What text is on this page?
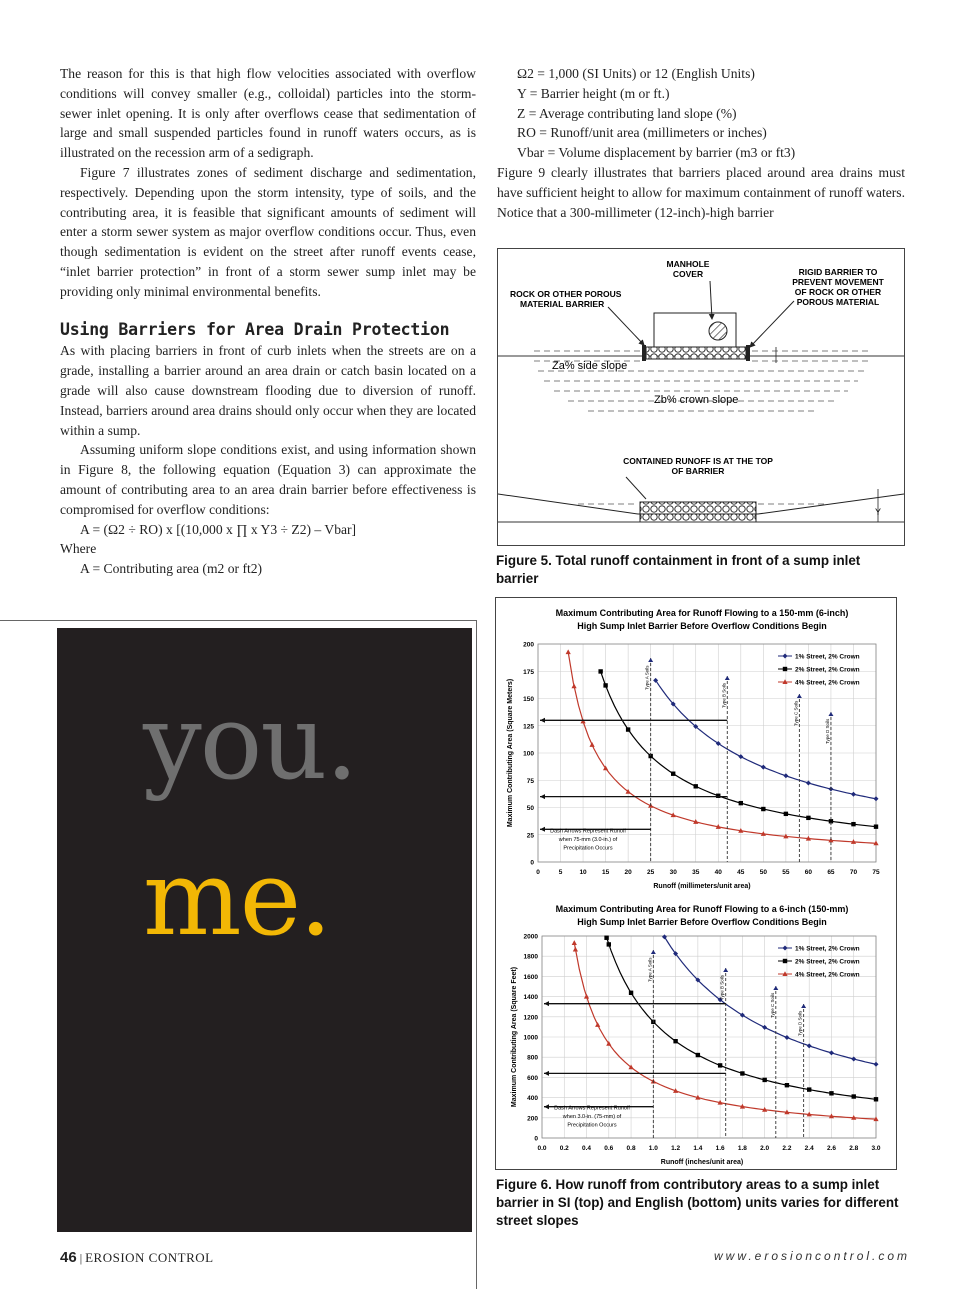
The reason for this is that high flow velocities associated with overflow conditions will convey smaller (e.g., colloidal) particles into the storm-sewer inlet opening. It is only after overflows cease that sedimentation of large and small suspended particles found in runoff waters occurs, as is illustrated on the recession arm of a sedigraph.

Figure 7 illustrates zones of sediment discharge and sedimentation, respectively. Depending upon the storm intensity, type of soils, and the contributing area, it is feasible that significant amounts of sediment will enter a storm sewer system as major overflow conditions occur. Thus, even though sedimentation is evident on the street after runoff events cease, “inlet barrier protection” in front of a storm sewer sump inlet may be providing only minimal environmental benefits.

Using Barriers for Area Drain Protection

As with placing barriers in front of curb inlets when the streets are on a grade, installing a barrier around an area drain or catch basin located on a grade will also cause downstream flooding due to diversion of runoff. Instead, barriers around area drains should only occur when they are located within a sump.

Assuming uniform slope conditions exist, and using information shown in Figure 8, the following equation (Equation 3) can approximate the amount of contributing area to an area drain barrier before effectiveness is compromised for overflow conditions:

A = (Ω2 ÷ RO) x [(10,000 x ∏ x Y3 ÷ Z2) – Vbar]
Where
A = Contributing area (m2 or ft2)
Ω2 = 1,000 (SI Units) or 12 (English Units)
Y = Barrier height (m or ft.)
Z = Average contributing land slope (%)
RO = Runoff/unit area (millimeters or inches)
Vbar = Volume displacement by barrier (m3 or ft3)

Figure 9 clearly illustrates that barriers placed around area drains must have sufficient height to allow for maximum containment of runoff waters. Notice that a 300-millimeter (12-inch)-high barrier

MANHOLE
COVER
ROCK OR OTHER POROUS
MATERIAL BARRIER
RIGID BARRIER TO
PREVENT MOVEMENT
OF ROCK OR OTHER
POROUS MATERIAL
Za% side slope
Zb% crown slope
CONTAINED RUNOFF IS AT THE TOP
OF BARRIER
Y
Figure 5. Total runoff containment in front of a sump inlet barrier
Maximum Contributing Area for Runoff Flowing to a 150-mm (6-inch)
High Sump Inlet Barrier Before Overflow Conditions Begin
0	5	10 15 20 25 30 35 40 45 50 55 60 65 70 75
0
25
50
75
100
125
150
175
200
Runoff (millimeters/unit area)
Maximum Contributing Area (Square Meters)
Type A Soils
Type B Soils
Type C Soils
Type D Soils
Dash Arrows Represent Runoff
when 75-mm (3.0-in.) of
Precipitation Occurs
1% Street, 2% Crown
2% Street, 2% Crown
4% Street, 2% Crown
Maximum Contributing Area for Runoff Flowing to a 6-inch (150-mm)
High Sump Inlet Barrier Before Overflow Conditions Begin
0.0 0.2 0.4 0.6 0.8 1.0 1.2 1.4 1.6 1.8 2.0 2.2 2.4 2.6 2.8 3.0
0
200
400
600
800
1000
1200
1400
1600
1800
2000
Runoff (inches/unit area)
Maximum Contributing Area (Square Feet)	Type A Soils
Type B Soils
Type C Soils
Type D Soils
Dash Arrows Represent Runoff
when 3.0-in. (75-mm) of
Precipitation Occurs
1% Street, 2% Crown
2% Street, 2% Crown
4% Street, 2% Crown
Figure 6. How runoff from contributory areas to a sump inlet barrier in SI (top) and English (bottom) units varies for different street slopes
you.
me.
46 | EROSION CONTROL	www.erosioncontrol.com
